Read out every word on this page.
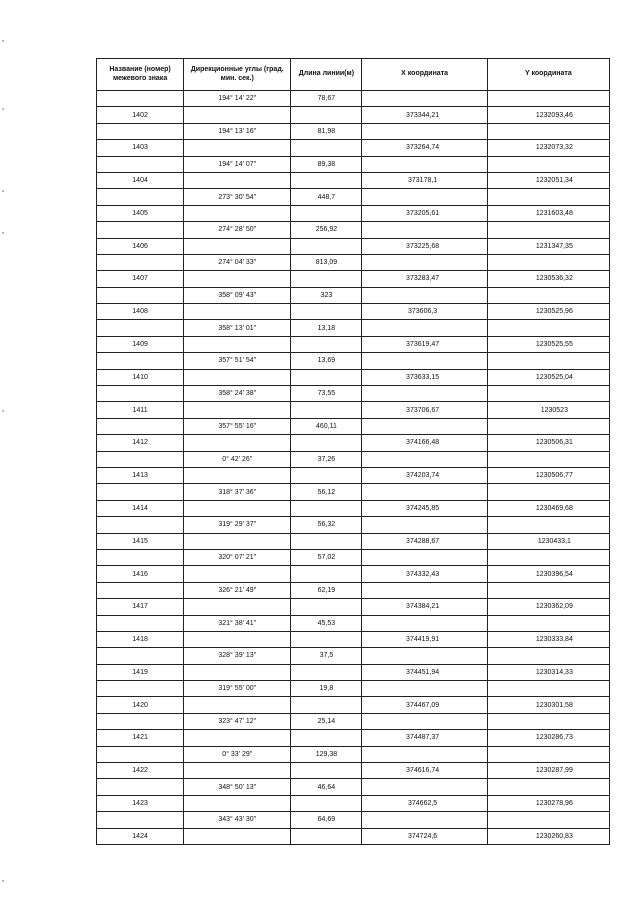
Название (номер) межевого знака	Дирекционные углы (град. мин. сек.)	Длина линии(м)	X координата	Y координата
	194° 14' 22"	78,67		
1402			373344,21	1232093,46
	194° 13' 16"	81,98		
1403			373264,74	1232073,32
	194° 14' 07"	89,38		
1404			373178,1	1232051,34
	273° 30' 54"	448,7		
1405			373205,61	1231603,48
	274° 28' 50"	256,92		
1406			373225,68	1231347,35
	274° 04' 33"	813,09		
1407			373283,47	1230536,32
	358° 09' 43"	323		
1408			373606,3	1230525,96
	358° 13' 01"	13,18		
1409			373619,47	1230525,55
	357° 51' 54"	13,69		
1410			373633,15	1230525,04
	358° 24' 38"	73,55		
1411			373706,67	1230523
	357° 55' 16"	460,11		
1412			374166,48	1230506,31
	0° 42' 26"	37,26		
1413			374203,74	1230506,77
	318° 37' 36"	56,12		
1414			374245,85	1230469,68
	319° 29' 37"	56,32		
1415			374288,67	1230433,1
	320° 07' 21"	57,02		
1416			374332,43	1230396,54
	326° 21' 49"	62,19		
1417			374384,21	1230362,09
	321° 38' 41"	45,53		
1418			374419,91	1230333,84
	328° 39' 13"	37,5		
1419			374451,94	1230314,33
	319° 55' 00"	19,8		
1420			374467,09	1230301,58
	323° 47' 12"	25,14		
1421			374487,37	1230286,73
	0° 33' 29"	129,38		
1422			374616,74	1230287,99
	348° 50' 13"	46,64		
1423			374662,5	1230278,96
	343° 43' 30"	64,69		
1424			374724,6	1230260,83
